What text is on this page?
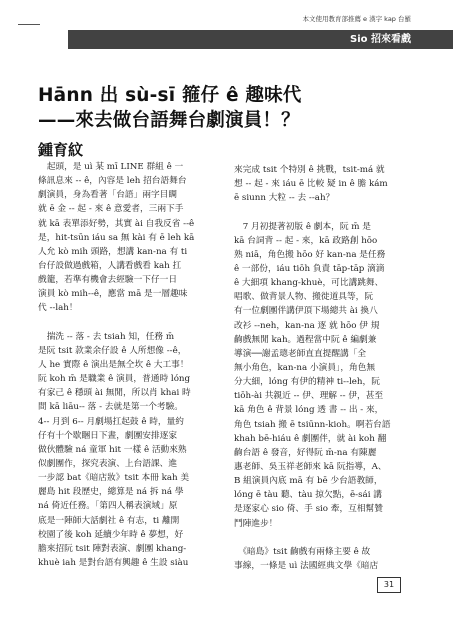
本文使用教育部推薦 e 漢字 kap 台羅
Sio 招來看戲
Hānn 出 sù-sī 箍仔 ê 趣味代
——來去做台語舞台劇演員！？
鍾育紋
　起頭，是 uì 某 mī LINE 群組 ê 一
條訊息來 -- ê，內容是 leh 招台語舞台
劇演員，身為看著「台語」兩字目睭
就 ē 金 -- 起 - 來 ê 意愛者，三兩下手
就 kā 表單添好勢，其實 ài 自我反省 --ê
是，hit-tsūn iáu sa 無 kài 有 ē leh kā
人允 kò mih 頭路，想講 kan-na 有 ti
台仔設做過戲箱，人講看戲看 kah 扛
戲籠，若準有機會去經驗一下仔一日
演員 kò mih--ê，應當 mā 是一層趣味
代 --lah！
　揣洗 -- 落 - 去 tsiah 知，任務 m̄
是阮 tsit 款業余仔設 ê 人所想像 --ê，
人 he 實際 ê 演出是無仝坎 ê 大工事！
阮 koh m̄ 是職業 ê 演員，普通時 lóng
有家己 ê 穩頭 ài 無閒，所以肖 khai 時
間 kā liāu-- 落 - 去就是第一个考驗。
4-- 月到 6-- 月劇場扛起鼓 ê 時，量約
仔有十个歇睏日下晝，劇團安排逐家
做伙體驗 ná 童軍 hit 一樣 ê 活動來熟
似劇團作，探究表演、上台語課、進
一步認 bat《暗店妝》tsit 本冊 kah 美
麗島 hit 段歷史，總算是 ná 拆 ná 學
ná 倚近任務。「第四人稱表演域」原
底是一陣師大話劇社 ê 有志，ti 離開
校園了後 koh 延續少年時 ê 夢想，好
膽來招阮 tsit 陣對表演、劇團 khang-
khuè iah 是對台語有興趣 ê 生設 siàu
來完成 tsit 个特別 ê 挑戰，tsit-má 就
想 -- 起 - 來 iáu ē 比較 疑 in ê 膽 kám
ē siunn 大粒 -- 去 --ah？
　7 月初提著初版 ê 劇本，阮 m̄ 是
kā 台詞背 -- 起 - 來，kā 政路創 hōo
熟 niā，角色搬 hōo 好 kan-na 是任務
ê 一部份，iáu tiōh 負責 tāp-tāp 滴滴
ê 大細項 khang-khuè，可比講跳舞、
唱歌、做背景人物、搬徙道具等，阮
有一位劇團伴講伊頂下場總共 ài 換八
改衫 --neh，kan-na 逐 就 hōo 伊 規
齣戲無閒 kah。過程當中阮 ê 編劇兼
導演──謝孟璁老師直直提醒講「全
無小角色，kan-na 小演員」，角色無
分大細，lóng 有伊的精神 ti--leh，阮
tiōh-ài 共親近 -- 伊、理解 -- 伊，甚至
kā 角色 ê 背景 lóng 透 書 -- 出 - 來，
角色 tsiah 搬 ē tsiūnn-kioh。啊若台語
khah bē-hiáu ê 劇團伴，就 ài koh 翻
齣台語 ê 發音，好得阮 m̄-na 有陳麗
惠老師、吳玉祥老師來 kā 阮指導，A、
B 組演員內底 mā 有 bē 少台語教師，
lóng ē tàu 聽、tàu 掠欠點，ē-sái 講
是逐家心 sio 倚、手 sio 牽，互相幫贊
鬥陣進步！
　《暗島》tsit 齣戲有兩條主要 ê 故
事線，一條是 uì 法國經典文學《暗店
31
